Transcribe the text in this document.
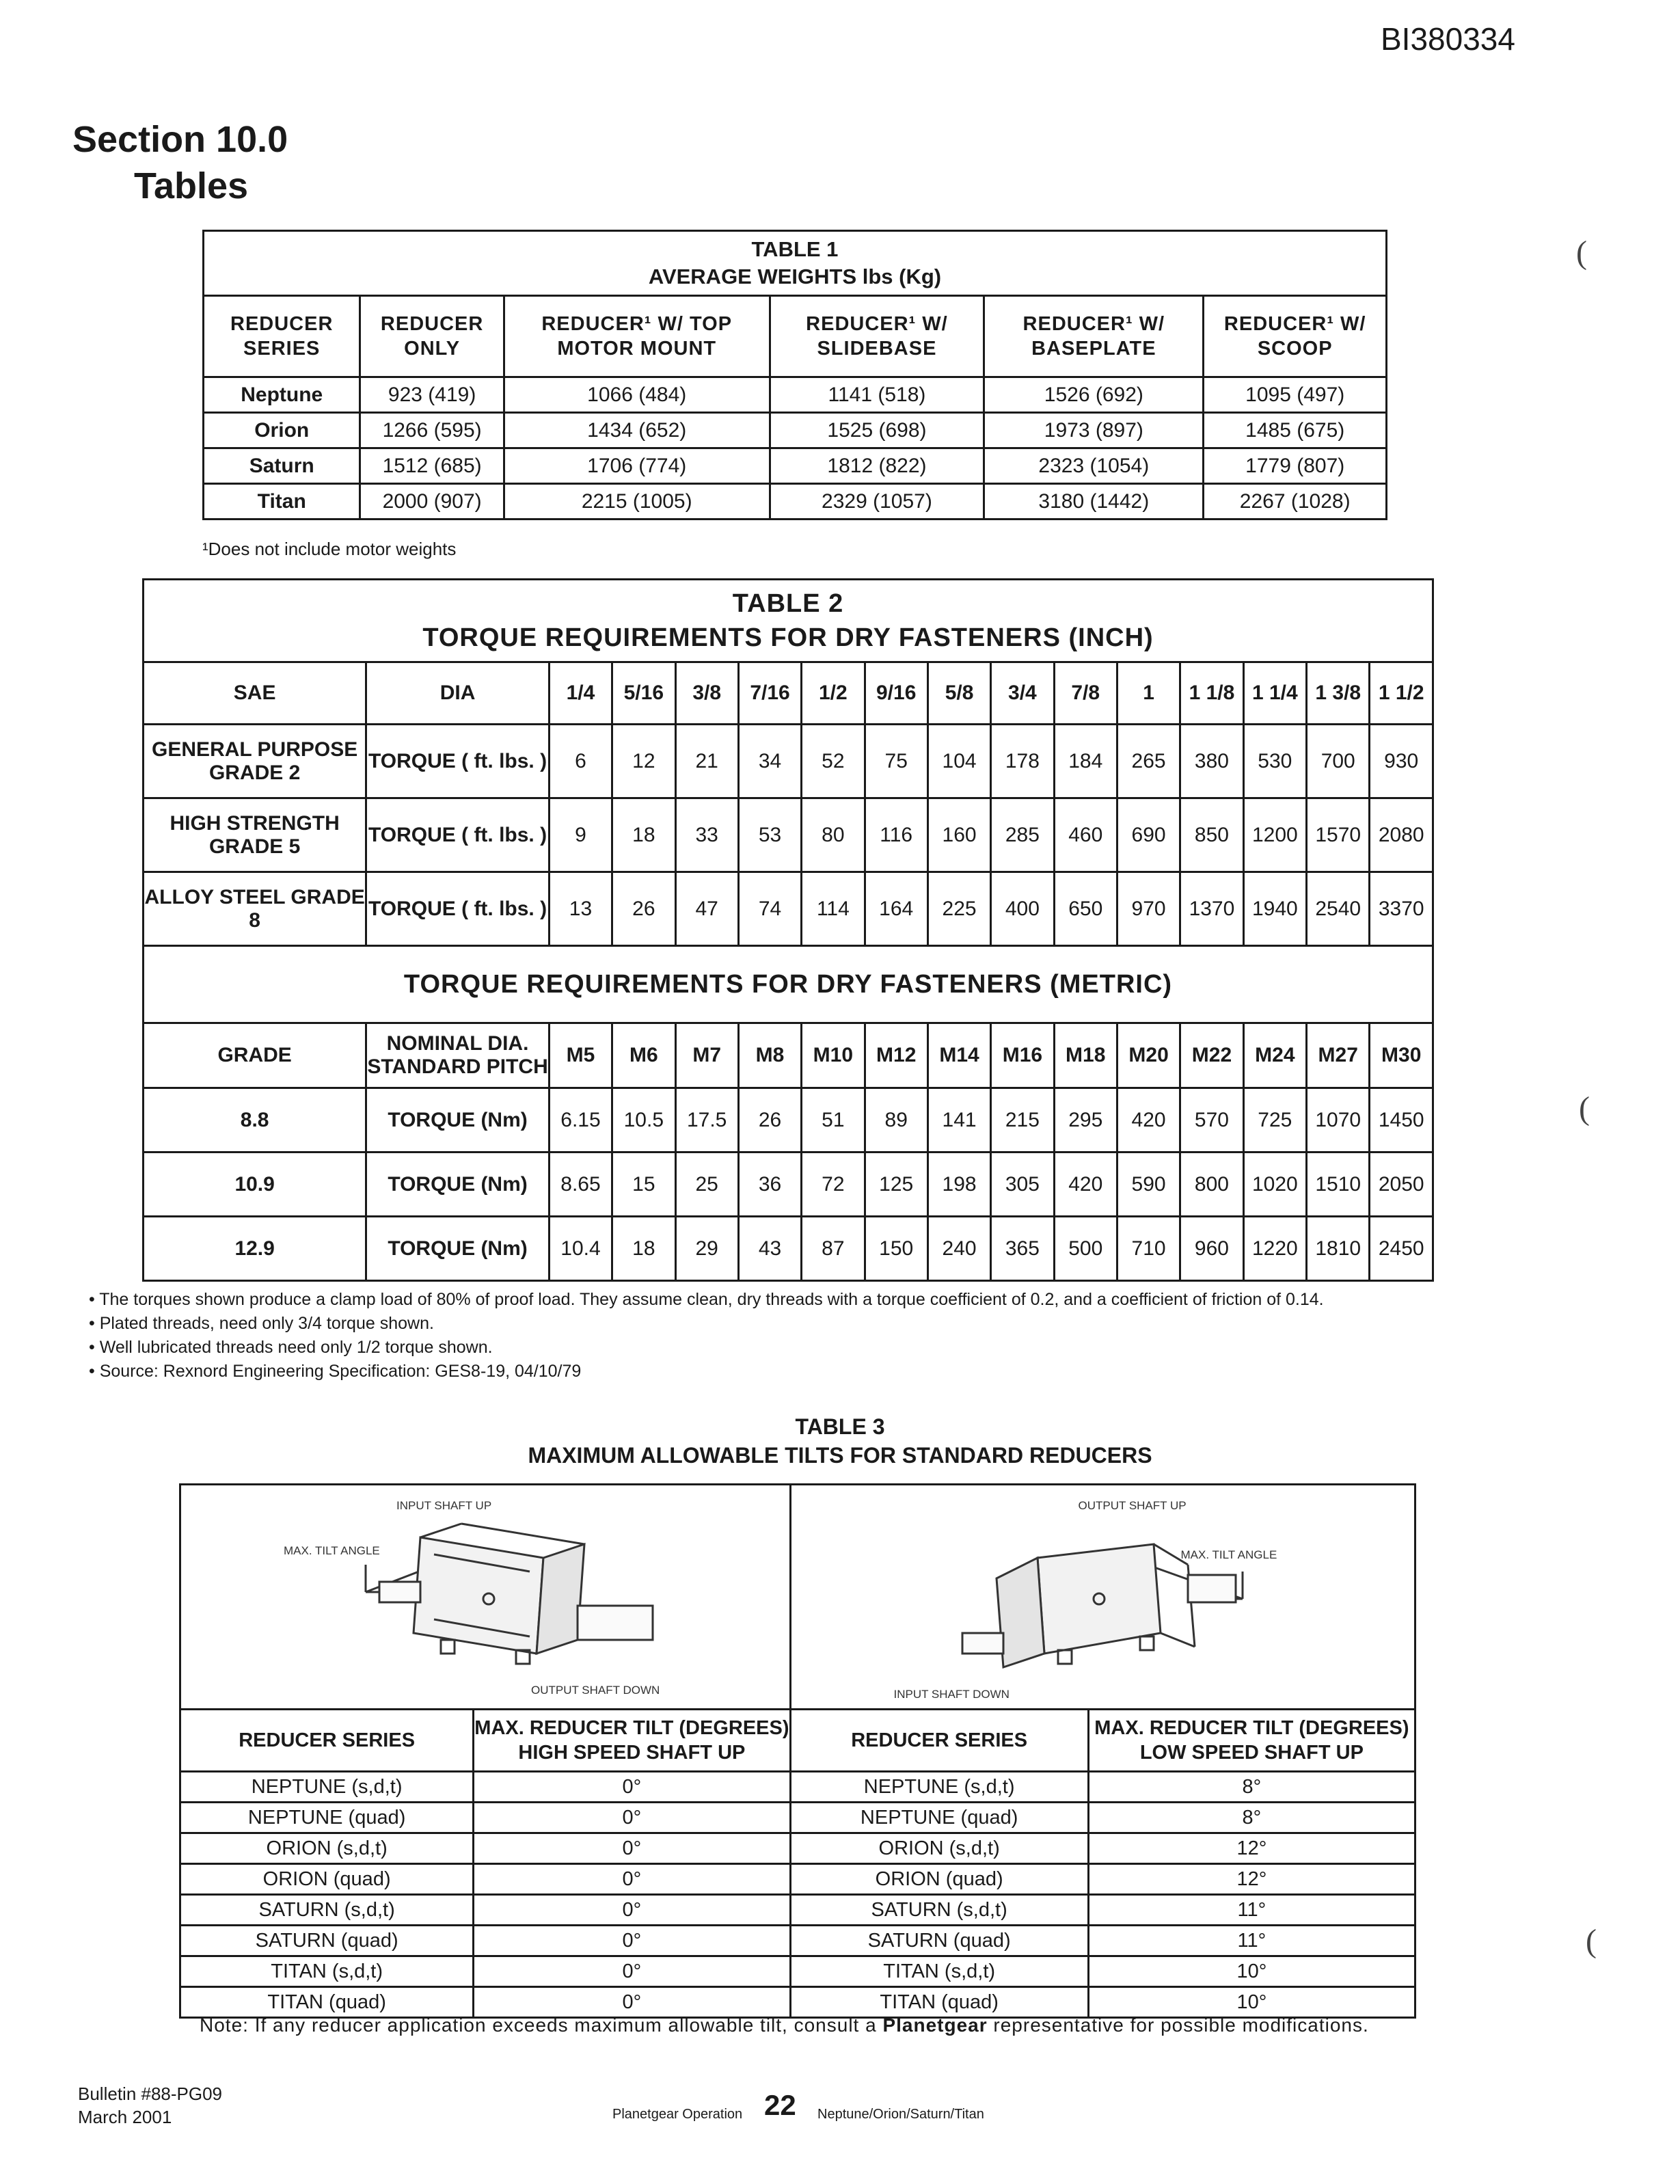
BI380334
Section 10.0
Tables
(
(
(
TABLE 1
AVERAGE WEIGHTS lbs (Kg)					

REDUCER SERIES	REDUCER ONLY	REDUCER¹ W/ TOP MOTOR MOUNT	REDUCER¹ W/ SLIDEBASE	REDUCER¹ W/ BASEPLATE	REDUCER¹ W/ SCOOP
Neptune	923 (419)	1066 (484)	1141 (518)	1526 (692)	1095 (497)
Orion	1266 (595)	1434 (652)	1525 (698)	1973 (897)	1485 (675)
Saturn	1512 (685)	1706 (774)	1812 (822)	2323 (1054)	1779 (807)
Titan	2000 (907)	2215 (1005)	2329 (1057)	3180 (1442)	2267 (1028)
¹Does not include motor weights
TABLE 2
TORQUE REQUIREMENTS FOR DRY FASTENERS (INCH)															

SAE	DIA	1/4	5/16	3/8	7/16	1/2	9/16	5/8	3/4	7/8	1	1 1/8	1 1/4	1 3/8	1 1/2
GENERAL PURPOSE GRADE 2	TORQUE ( ft. lbs. )	6	12	21	34	52	75	104	178	184	265	380	530	700	930
HIGH STRENGTH GRADE 5	TORQUE ( ft. lbs. )	9	18	33	53	80	116	160	285	460	690	850	1200	1570	2080
ALLOY STEEL GRADE 8	TORQUE ( ft. lbs. )	13	26	47	74	114	164	225	400	650	970	1370	1940	2540	3370
TORQUE REQUIREMENTS FOR DRY FASTENERS (METRIC)															
GRADE	NOMINAL DIA. STANDARD PITCH	M5	M6	M7	M8	M10	M12	M14	M16	M18	M20	M22	M24	M27	M30
8.8	TORQUE (Nm)	6.15	10.5	17.5	26	51	89	141	215	295	420	570	725	1070	1450
10.9	TORQUE (Nm)	8.65	15	25	36	72	125	198	305	420	590	800	1020	1510	2050
12.9	TORQUE (Nm)	10.4	18	29	43	87	150	240	365	500	710	960	1220	1810	2450
• The torques shown produce a clamp load of 80% of proof load. They assume clean, dry threads with a torque coefficient of 0.2, and a coefficient of friction of 0.14.
• Plated threads, need only 3/4 torque shown.
• Well lubricated threads need only 1/2 torque shown.
• Source: Rexnord Engineering Specification: GES8-19, 04/10/79
TABLE 3
MAXIMUM ALLOWABLE TILTS FOR STANDARD REDUCERS
INPUT SHAFT UP
MAX. TILT ANGLE
OUTPUT SHAFT DOWN		OUTPUT SHAFT UP
MAX. TILT ANGLE
INPUT SHAFT DOWN	

REDUCER SERIES	MAX. REDUCER TILT (DEGREES) HIGH SPEED SHAFT UP	REDUCER SERIES	MAX. REDUCER TILT (DEGREES) LOW SPEED SHAFT UP
NEPTUNE (s,d,t)	0°	NEPTUNE (s,d,t)	8°
NEPTUNE (quad)	0°	NEPTUNE (quad)	8°
ORION (s,d,t)	0°	ORION (s,d,t)	12°
ORION (quad)	0°	ORION (quad)	12°
SATURN (s,d,t)	0°	SATURN (s,d,t)	11°
SATURN (quad)	0°	SATURN (quad)	11°
TITAN (s,d,t)	0°	TITAN (s,d,t)	10°
TITAN (quad)	0°	TITAN (quad)	10°
Note: If any reducer application exceeds maximum allowable tilt, consult a Planetgear representative for possible modifications.
Bulletin #88-PG09
March 2001	Planetgear Operation 22 Neptune/Orion/Saturn/Titan
